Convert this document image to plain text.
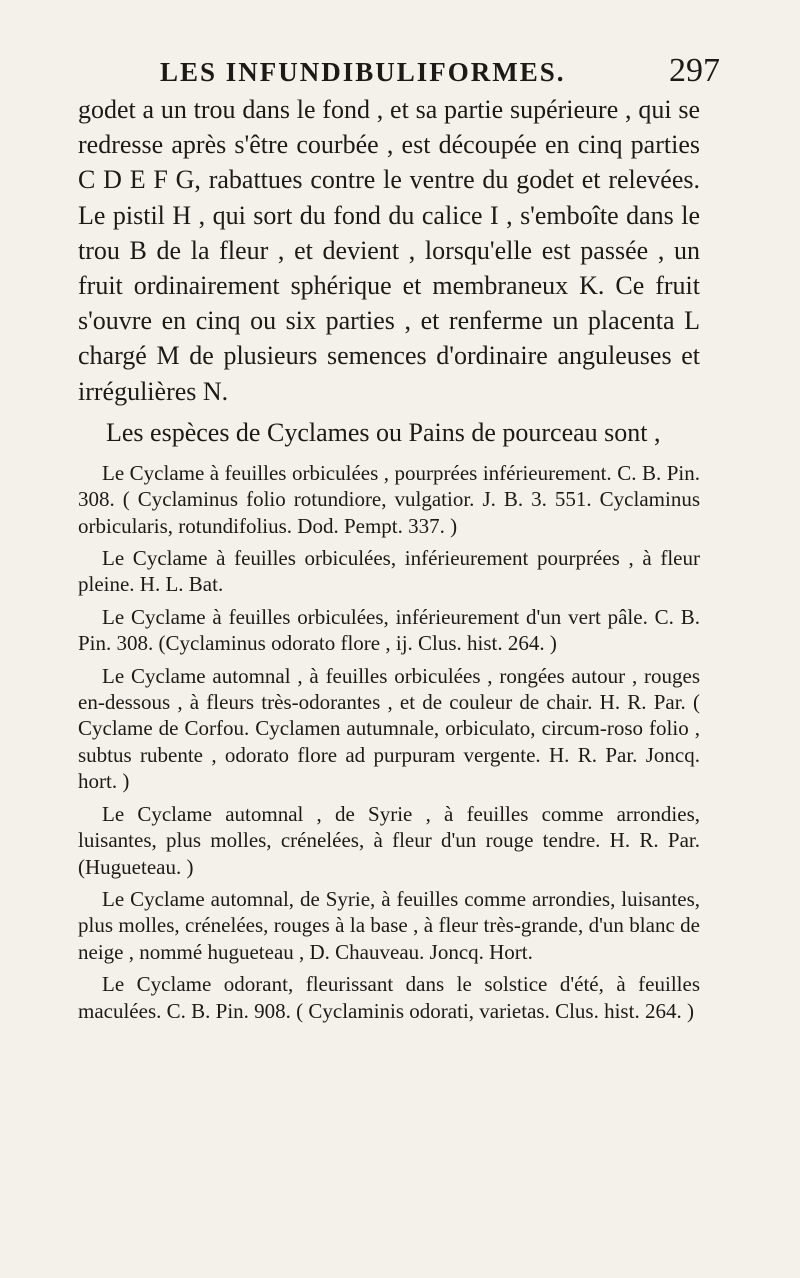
LES INFUNDIBULIFORMES.	297

godet a un trou dans le fond , et sa partie supérieure , qui se redresse après s'être courbée , est découpée en cinq parties C D E F G, rabattues contre le ventre du godet et relevées. Le pistil H , qui sort du fond du calice I , s'emboîte dans le trou B de la fleur , et devient , lorsqu'elle est passée , un fruit ordinairement sphérique et membraneux K. Ce fruit s'ouvre en cinq ou six parties , et renferme un placenta L chargé M de plusieurs semences d'ordinaire anguleuses et irrégulières N.

Les espèces de Cyclames ou Pains de pourceau sont ,

Le Cyclame à feuilles orbiculées , pourprées inférieurement. C. B. Pin. 308. ( Cyclaminus folio rotundiore, vulgatior. J. B. 3. 551. Cyclaminus orbicularis, rotundifolius. Dod. Pempt. 337. )

Le Cyclame à feuilles orbiculées, inférieurement pourprées , à fleur pleine. H. L. Bat.

Le Cyclame à feuilles orbiculées, inférieurement d'un vert pâle. C. B. Pin. 308. (Cyclaminus odorato flore , ij. Clus. hist. 264. )

Le Cyclame automnal , à feuilles orbiculées , rongées autour , rouges en-dessous , à fleurs très-odorantes , et de couleur de chair. H. R. Par. ( Cyclame de Corfou. Cyclamen autumnale, orbiculato, circum-roso folio , subtus rubente , odorato flore ad purpuram vergente. H. R. Par. Joncq. hort. )

Le Cyclame automnal , de Syrie , à feuilles comme arrondies, luisantes, plus molles, crénelées, à fleur d'un rouge tendre. H. R. Par. (Hugueteau. )

Le Cyclame automnal, de Syrie, à feuilles comme arrondies, luisantes, plus molles, crénelées, rouges à la base , à fleur très-grande, d'un blanc de neige , nommé hugueteau , D. Chauveau. Joncq. Hort.

Le Cyclame odorant, fleurissant dans le solstice d'été, à feuilles maculées. C. B. Pin. 908. ( Cyclaminis odorati, varietas. Clus. hist. 264. )
